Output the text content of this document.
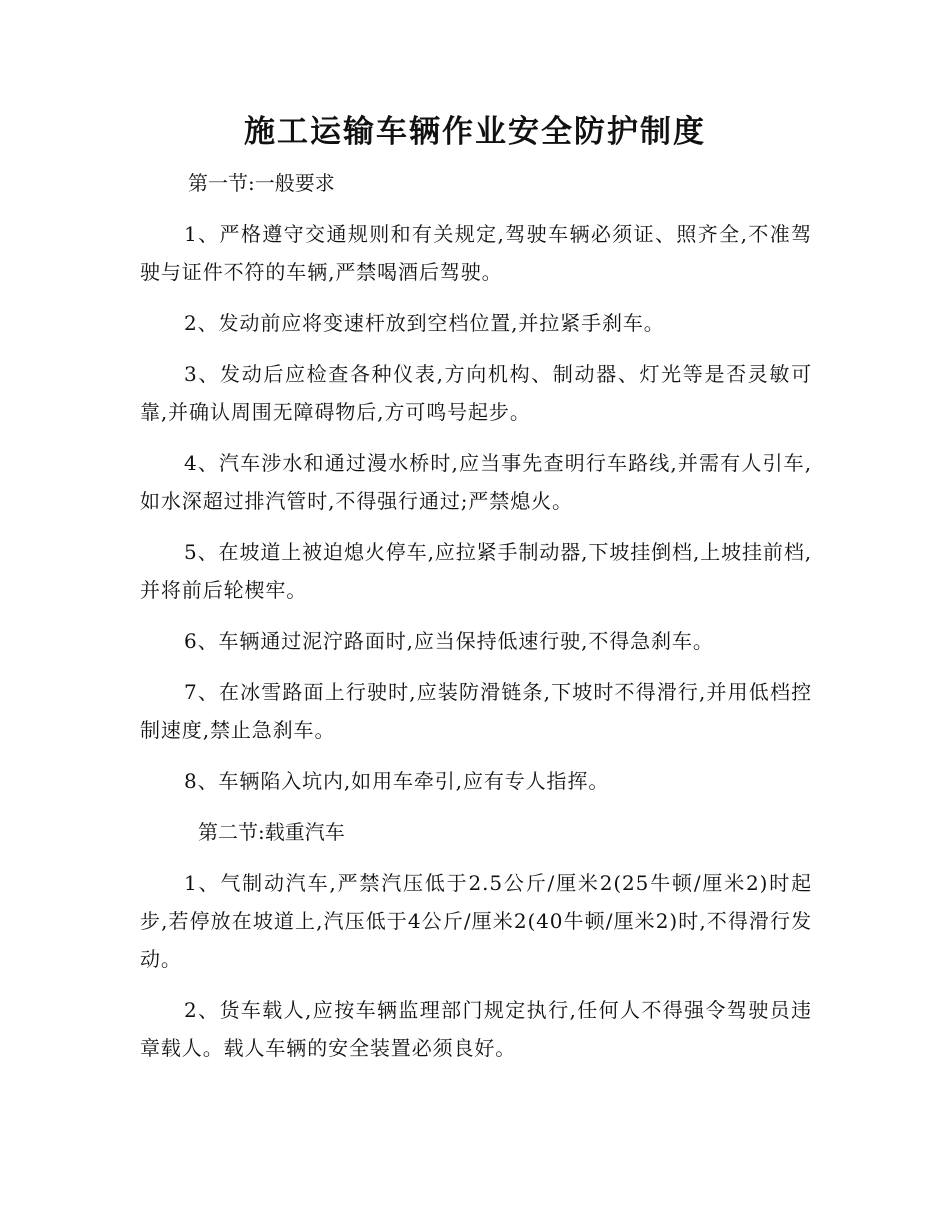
施工运输车辆作业安全防护制度

第一节:一般要求

1、严格遵守交通规则和有关规定,驾驶车辆必须证、照齐全,不准驾驶与证件不符的车辆,严禁喝酒后驾驶。

2、发动前应将变速杆放到空档位置,并拉紧手刹车。

3、发动后应检查各种仪表,方向机构、制动器、灯光等是否灵敏可靠,并确认周围无障碍物后,方可鸣号起步。

4、汽车涉水和通过漫水桥时,应当事先查明行车路线,并需有人引车,如水深超过排汽管时,不得强行通过;严禁熄火。

5、在坡道上被迫熄火停车,应拉紧手制动器,下坡挂倒档,上坡挂前档,并将前后轮楔牢。

6、车辆通过泥泞路面时,应当保持低速行驶,不得急刹车。

7、在冰雪路面上行驶时,应装防滑链条,下坡时不得滑行,并用低档控制速度,禁止急刹车。

8、车辆陷入坑内,如用车牵引,应有专人指挥。

第二节:载重汽车

1、气制动汽车,严禁汽压低于2.5公斤/厘米2(25牛顿/厘米2)时起步,若停放在坡道上,汽压低于4公斤/厘米2(40牛顿/厘米2)时,不得滑行发动。

2、货车载人,应按车辆监理部门规定执行,任何人不得强令驾驶员违章载人。载人车辆的安全装置必须良好。
